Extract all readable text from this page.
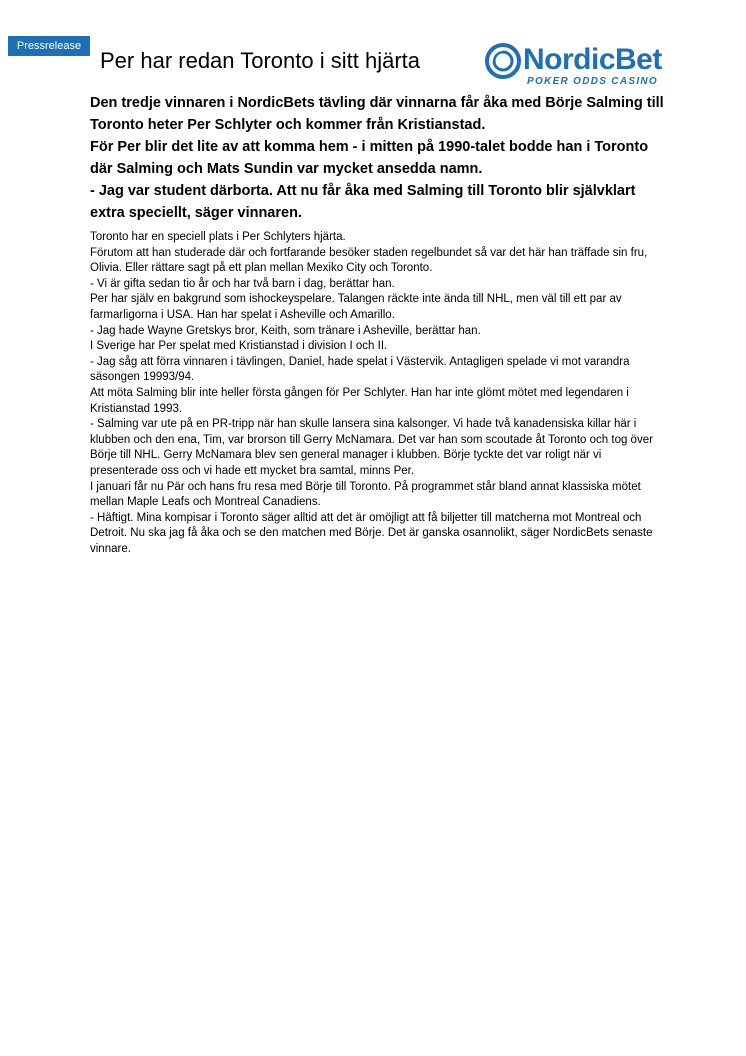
Pressrelease
Per har redan Toronto i sitt hjärta	NordicBet
POKER ODDS CASINO

Den tredje vinnaren i NordicBets tävling där vinnarna får åka med Börje Salming till Toronto heter Per Schlyter och kommer från Kristianstad.

För Per blir det lite av att komma hem - i mitten på 1990-talet bodde han i Toronto där Salming och Mats Sundin var mycket ansedda namn.

- Jag var student därborta. Att nu får åka med Salming till Toronto blir självklart extra speciellt, säger vinnaren.

Toronto har en speciell plats i Per Schlyters hjärta.

Förutom att han studerade där och fortfarande besöker staden regelbundet så var det här han träffade sin fru, Olivia. Eller rättare sagt på ett plan mellan Mexiko City och Toronto.

- Vi är gifta sedan tio år och har två barn i dag, berättar han.

Per har själv en bakgrund som ishockeyspelare. Talangen räckte inte ända till NHL, men väl till ett par av farmarligorna i USA. Han har spelat i Asheville och Amarillo.

- Jag hade Wayne Gretskys bror, Keith, som tränare i Asheville, berättar han.

I Sverige har Per spelat med Kristianstad i division I och II.

- Jag såg att förra vinnaren i tävlingen, Daniel, hade spelat i Västervik. Antagligen spelade vi mot varandra säsongen 19993/94.

Att möta Salming blir inte heller första gången för Per Schlyter. Han har inte glömt mötet med legendaren i Kristianstad 1993.

- Salming var ute på en PR-tripp när han skulle lansera sina kalsonger. Vi hade två kanadensiska killar här i klubben och den ena, Tim, var brorson till Gerry McNamara. Det var han som scoutade åt Toronto och tog över Börje till NHL. Gerry McNamara blev sen general manager i klubben. Börje tyckte det var roligt när vi presenterade oss och vi hade ett mycket bra samtal, minns Per.

I januari får nu Pär och hans fru resa med Börje till Toronto. På programmet står bland annat klassiska mötet mellan Maple Leafs och Montreal Canadiens.

- Häftigt. Mina kompisar i Toronto säger alltid att det är omöjligt att få biljetter till matcherna mot Montreal och Detroit. Nu ska jag få åka och se den matchen med Börje. Det är ganska osannolikt, säger NordicBets senaste vinnare.
